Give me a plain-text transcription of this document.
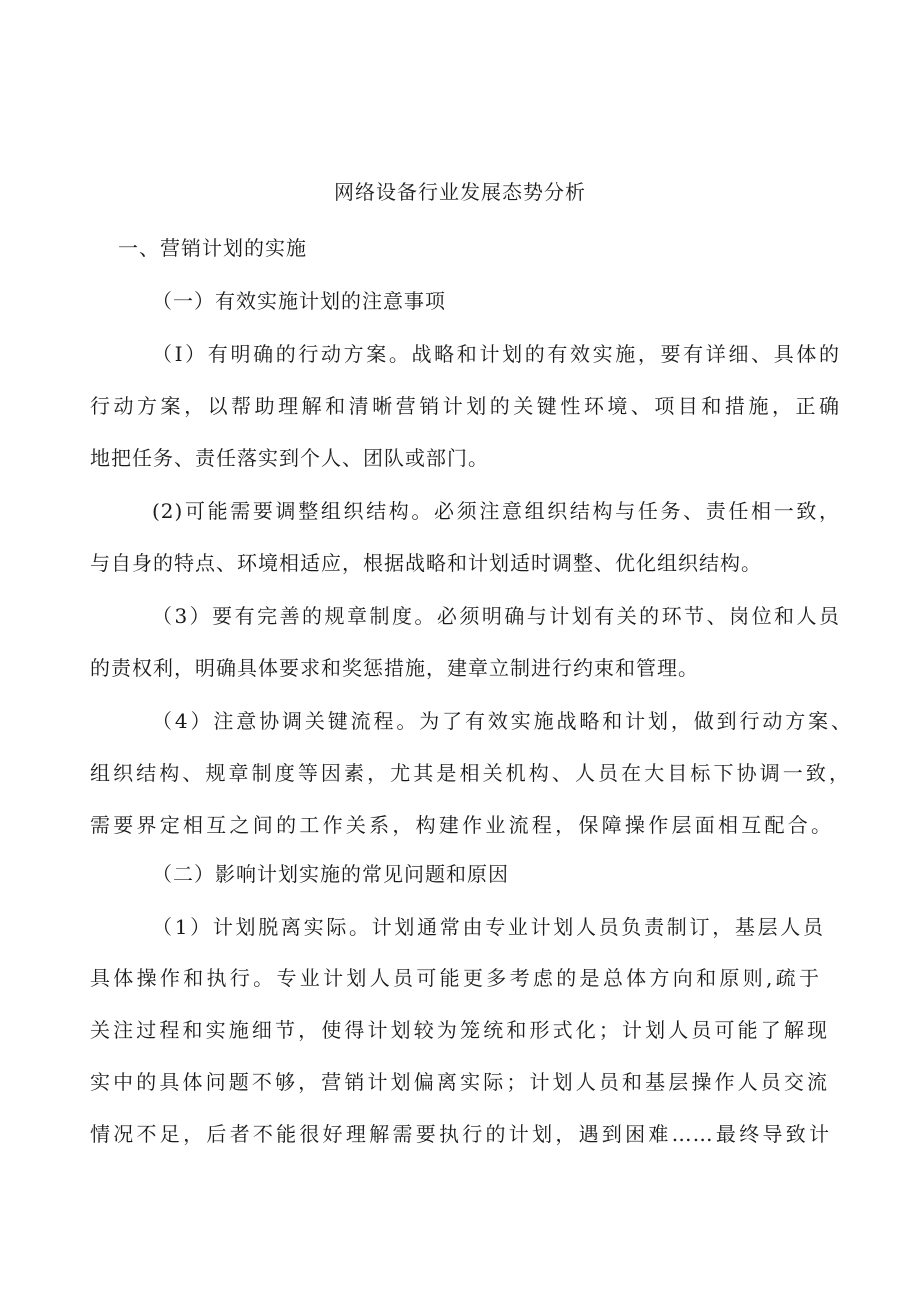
网络设备行业发展态势分析
一、营销计划的实施
（一）有效实施计划的注意事项
（I）有明确的行动方案。战略和计划的有效实施，要有详细、具体的
行动方案，以帮助理解和清晰营销计划的关键性环境、项目和措施，正确
地把任务、责任落实到个人、团队或部门。
(2)可能需要调整组织结构。必须注意组织结构与任务、责任相一致，
与自身的特点、环境相适应，根据战略和计划适时调整、优化组织结构。
（3）要有完善的规章制度。必须明确与计划有关的环节、岗位和人员
的责权利，明确具体要求和奖惩措施，建章立制进行约束和管理。
（4）注意协调关键流程。为了有效实施战略和计划，做到行动方案、
组织结构、规章制度等因素，尤其是相关机构、人员在大目标下协调一致，
需要界定相互之间的工作关系，构建作业流程，保障操作层面相互配合。
（二）影响计划实施的常见问题和原因
（1）计划脱离实际。计划通常由专业计划人员负责制订，基层人员
具体操作和执行。专业计划人员可能更多考虑的是总体方向和原则,疏于
关注过程和实施细节，使得计划较为笼统和形式化；计划人员可能了解现
实中的具体问题不够，营销计划偏离实际；计划人员和基层操作人员交流
情况不足，后者不能很好理解需要执行的计划，遇到困难……最终导致计
